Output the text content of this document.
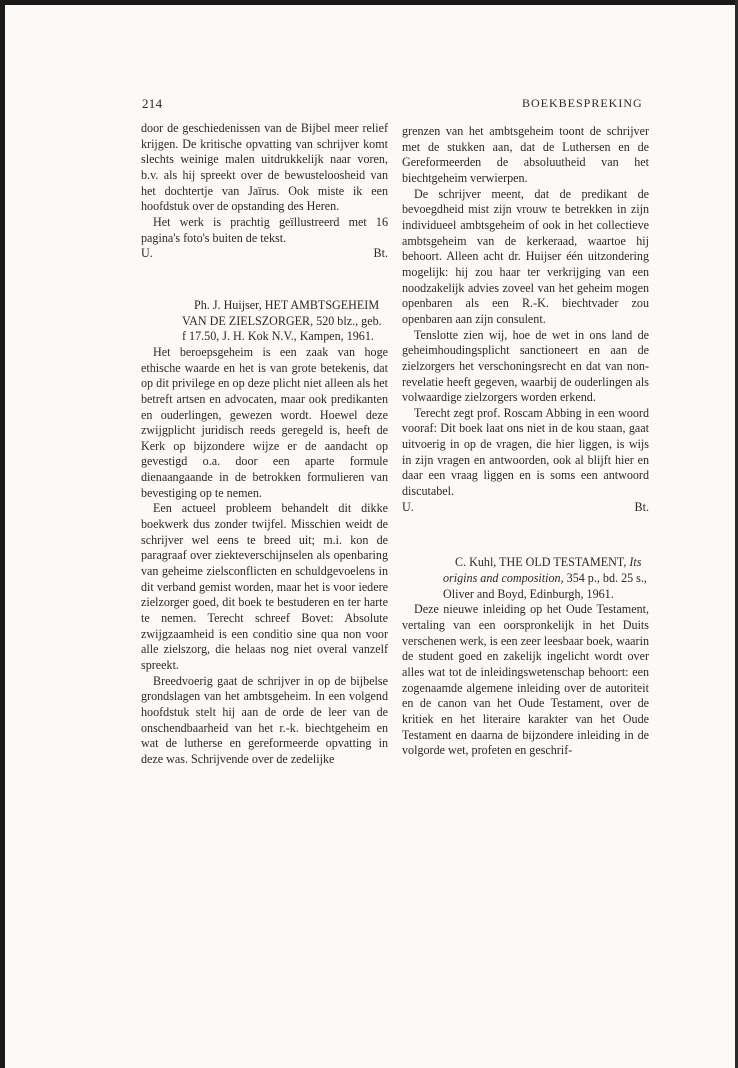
214	BOEKBESPREKING

door de geschiedenissen van de Bijbel meer relief krijgen. De kritische opvatting van schrijver komt slechts weinige malen uitdrukkelijk naar voren, b.v. als hij spreekt over de bewusteloosheid van het dochtertje van Jaïrus. Ook miste ik een hoofdstuk over de opstanding des Heren.

Het werk is prachtig geïllustreerd met 16 pagina's foto's buiten de tekst.

U.	Bt.

Ph. J. Huijser, HET AMBTSGEHEIM VAN DE ZIELSZORGER, 520 blz., geb. f 17.50, J. H. Kok N.V., Kampen, 1961.

Het beroepsgeheim is een zaak van hoge ethische waarde en het is van grote betekenis, dat op dit privilege en op deze plicht niet alleen als het betreft artsen en advocaten, maar ook predikanten en ouderlingen, gewezen wordt. Hoewel deze zwijgplicht juridisch reeds geregeld is, heeft de Kerk op bijzondere wijze er de aandacht op gevestigd o.a. door een aparte formule dienaangaande in de betrokken formulieren van bevestiging op te nemen.

Een actueel probleem behandelt dit dikke boekwerk dus zonder twijfel. Misschien weidt de schrijver wel eens te breed uit; m.i. kon de paragraaf over ziekteverschijnselen als openbaring van geheime zielsconflicten en schuldgevoelens in dit verband gemist worden, maar het is voor iedere zielzorger goed, dit boek te bestuderen en ter harte te nemen. Terecht schreef Bovet: Absolute zwijgzaamheid is een conditio sine qua non voor alle zielszorg, die helaas nog niet overal vanzelf spreekt.

Breedvoerig gaat de schrijver in op de bijbelse grondslagen van het ambtsgeheim. In een volgend hoofdstuk stelt hij aan de orde de leer van de onschendbaarheid van het r.-k. biechtgeheim en wat de lutherse en gereformeerde opvatting in deze was. Schrijvende over de zedelijke

grenzen van het ambtsgeheim toont de schrijver met de stukken aan, dat de Luthersen en de Gereformeerden de absoluutheid van het biechtgeheim verwierpen.

De schrijver meent, dat de predikant de bevoegdheid mist zijn vrouw te betrekken in zijn individueel ambtsgeheim of ook in het collectieve ambtsgeheim van de kerkeraad, waartoe hij behoort. Alleen acht dr. Huijser één uitzondering mogelijk: hij zou haar ter verkrijging van een noodzakelijk advies zoveel van het geheim mogen openbaren als een R.-K. biechtvader zou openbaren aan zijn consulent.

Tenslotte zien wij, hoe de wet in ons land de geheimhoudingsplicht sanctioneert en aan de zielzorgers het verschoningsrecht en dat van non-revelatie heeft gegeven, waarbij de ouderlingen als volwaardige zielzorgers worden erkend.

Terecht zegt prof. Roscam Abbing in een woord vooraf: Dit boek laat ons niet in de kou staan, gaat uitvoerig in op de vragen, die hier liggen, is wijs in zijn vragen en antwoorden, ook al blijft hier en daar een vraag liggen en is soms een antwoord discutabel.

U.	Bt.

C. Kuhl, THE OLD TESTAMENT, Its origins and composition, 354 p., bd. 25 s., Oliver and Boyd, Edinburgh, 1961.

Deze nieuwe inleiding op het Oude Testament, vertaling van een oorspronkelijk in het Duits verschenen werk, is een zeer leesbaar boek, waarin de student goed en zakelijk ingelicht wordt over alles wat tot de inleidingswetenschap behoort: een zogenaamde algemene inleiding over de autoriteit en de canon van het Oude Testament, over de kritiek en het literaire karakter van het Oude Testament en daarna de bijzondere inleiding in de volgorde wet, profeten en geschrif-
